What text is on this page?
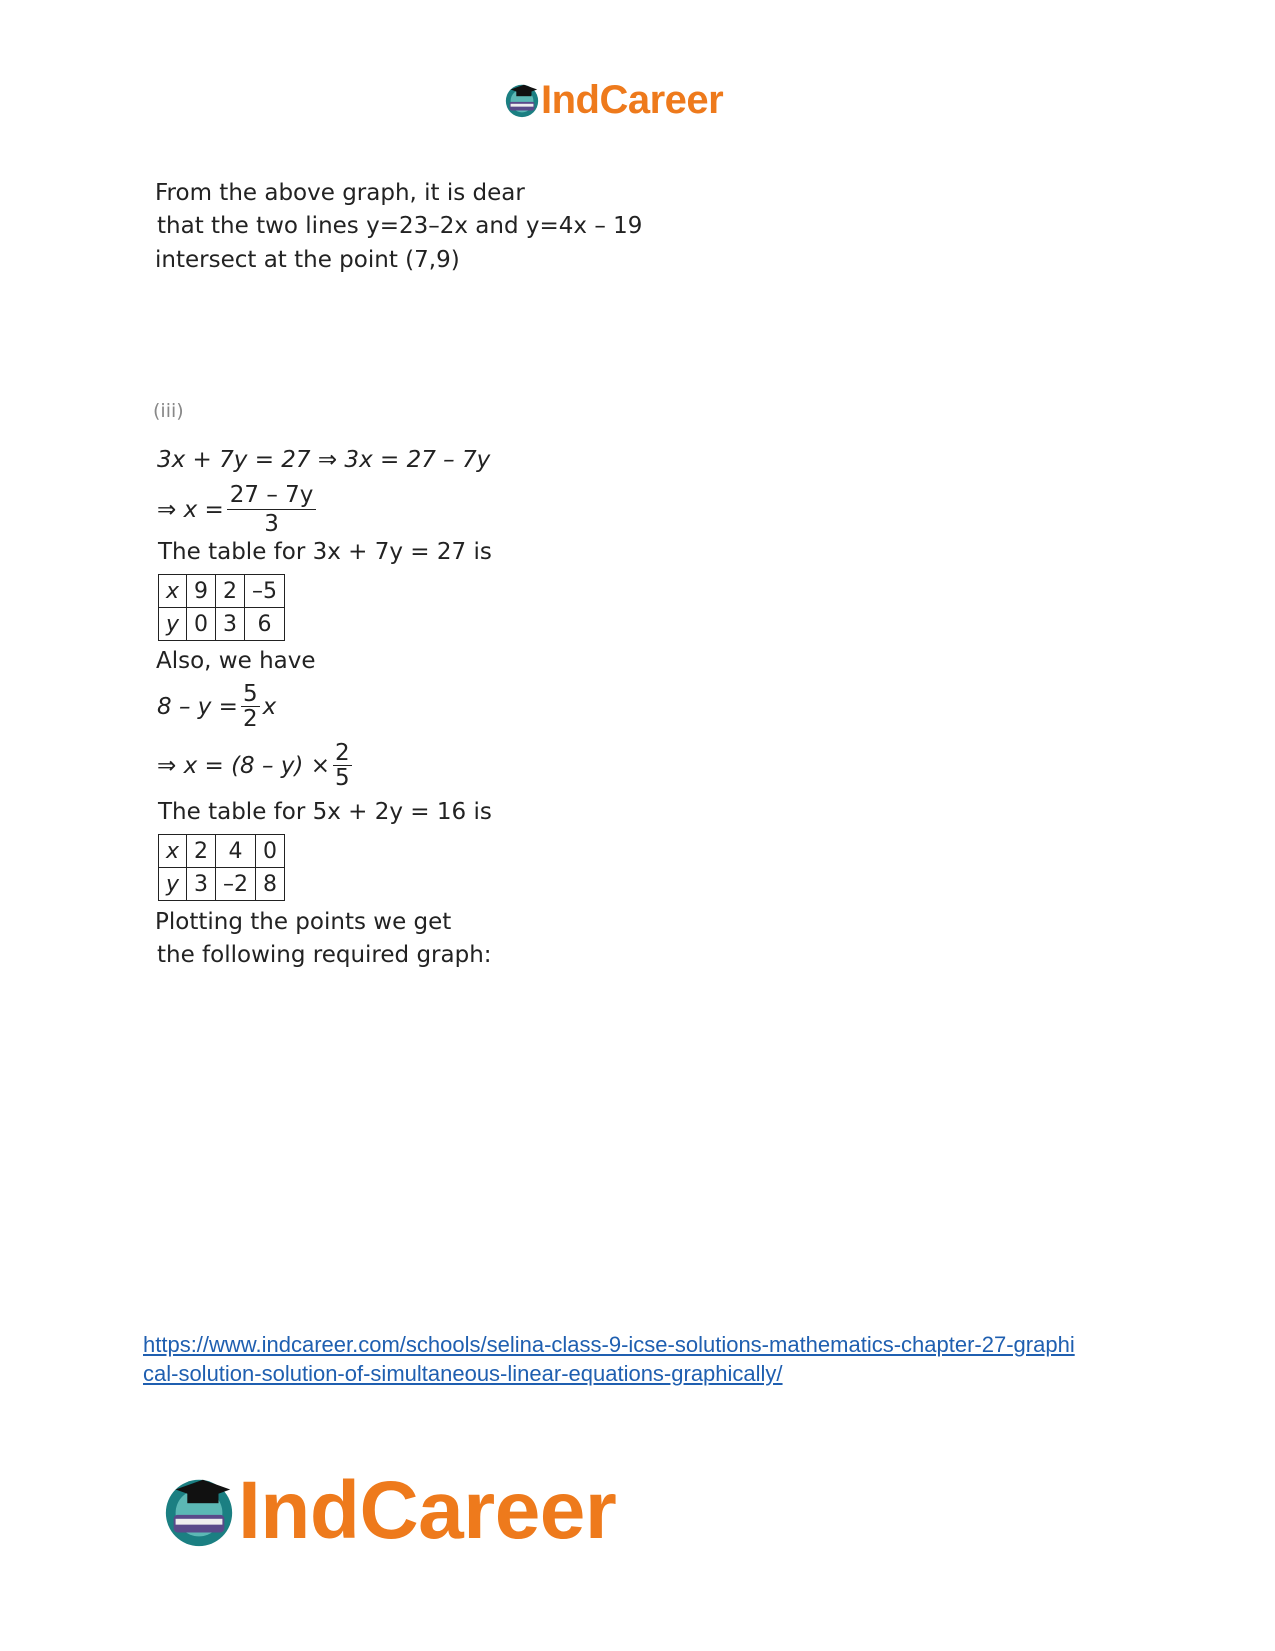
IndCareer
From the above graph, it is dear
that the two lines y=23–2x and y=4x – 19
intersect at the point (7,9)
(iii)
3x + 7y = 27 ⇒ 3x = 27 – 7y
⇒ $x = \frac{27 - 7y}{3}$
The table for 3x + 7y = 27 is
x	9	2	–5
y	0	3	6
Also, we have
$8 - y = \frac{5}{2}$ x
⇒ $x = (8 - y) \times \frac{2}{5}$
The table for 5x + 2y = 16 is
x	2	4	0
y	3	–2	8
Plotting the points we get
the following required graph:
https://www.indcareer.com/schools/selina-class-9-icse-solutions-mathematics-chapter-27-graphi
cal-solution-solution-of-simultaneous-linear-equations-graphically/
IndCareer
